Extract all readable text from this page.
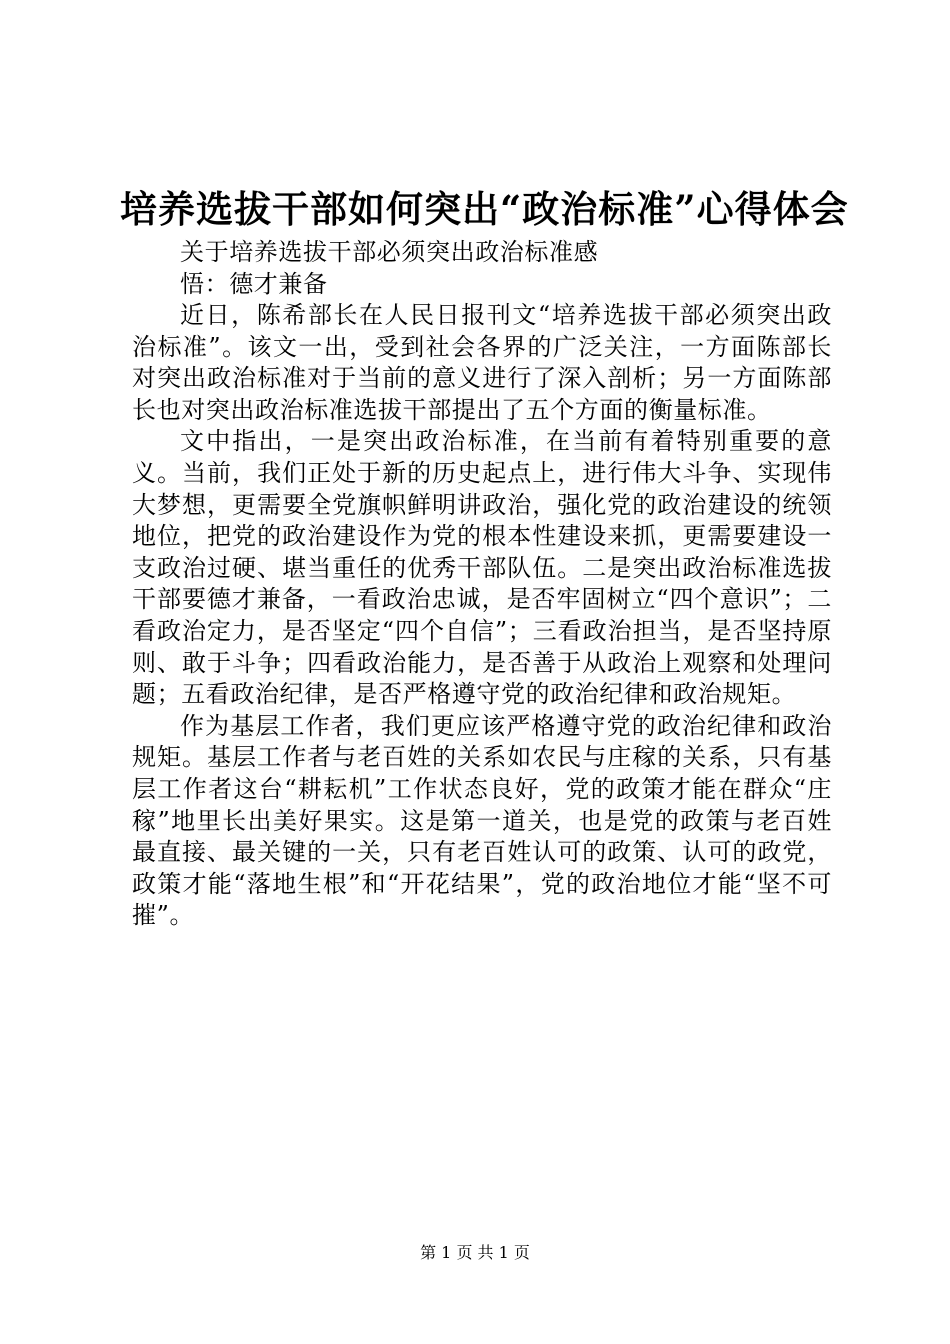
培养选拔干部如何突出“政治标准”心得体会

关于培养选拔干部必须突出政治标准感

悟：德才兼备

近日，陈希部长在人民日报刊文“培养选拔干部必须突出政治标准”。该文一出，受到社会各界的广泛关注，一方面陈部长对突出政治标准对于当前的意义进行了深入剖析；另一方面陈部长也对突出政治标准选拔干部提出了五个方面的衡量标准。

文中指出，一是突出政治标准，在当前有着特别重要的意义。当前，我们正处于新的历史起点上，进行伟大斗争、实现伟大梦想，更需要全党旗帜鲜明讲政治，强化党的政治建设的统领地位，把党的政治建设作为党的根本性建设来抓，更需要建设一支政治过硬、堪当重任的优秀干部队伍。二是突出政治标准选拔干部要德才兼备，一看政治忠诚，是否牢固树立“四个意识”；二看政治定力，是否坚定“四个自信”；三看政治担当，是否坚持原则、敢于斗争；四看政治能力，是否善于从政治上观察和处理问题；五看政治纪律，是否严格遵守党的政治纪律和政治规矩。

作为基层工作者，我们更应该严格遵守党的政治纪律和政治规矩。基层工作者与老百姓的关系如农民与庄稼的关系，只有基层工作者这台“耕耘机”工作状态良好，党的政策才能在群众“庄稼”地里长出美好果实。这是第一道关，也是党的政策与老百姓最直接、最关键的一关，只有老百姓认可的政策、认可的政党，政策才能“落地生根”和“开花结果”，党的政治地位才能“坚不可摧”。

第 1 页 共 1 页
